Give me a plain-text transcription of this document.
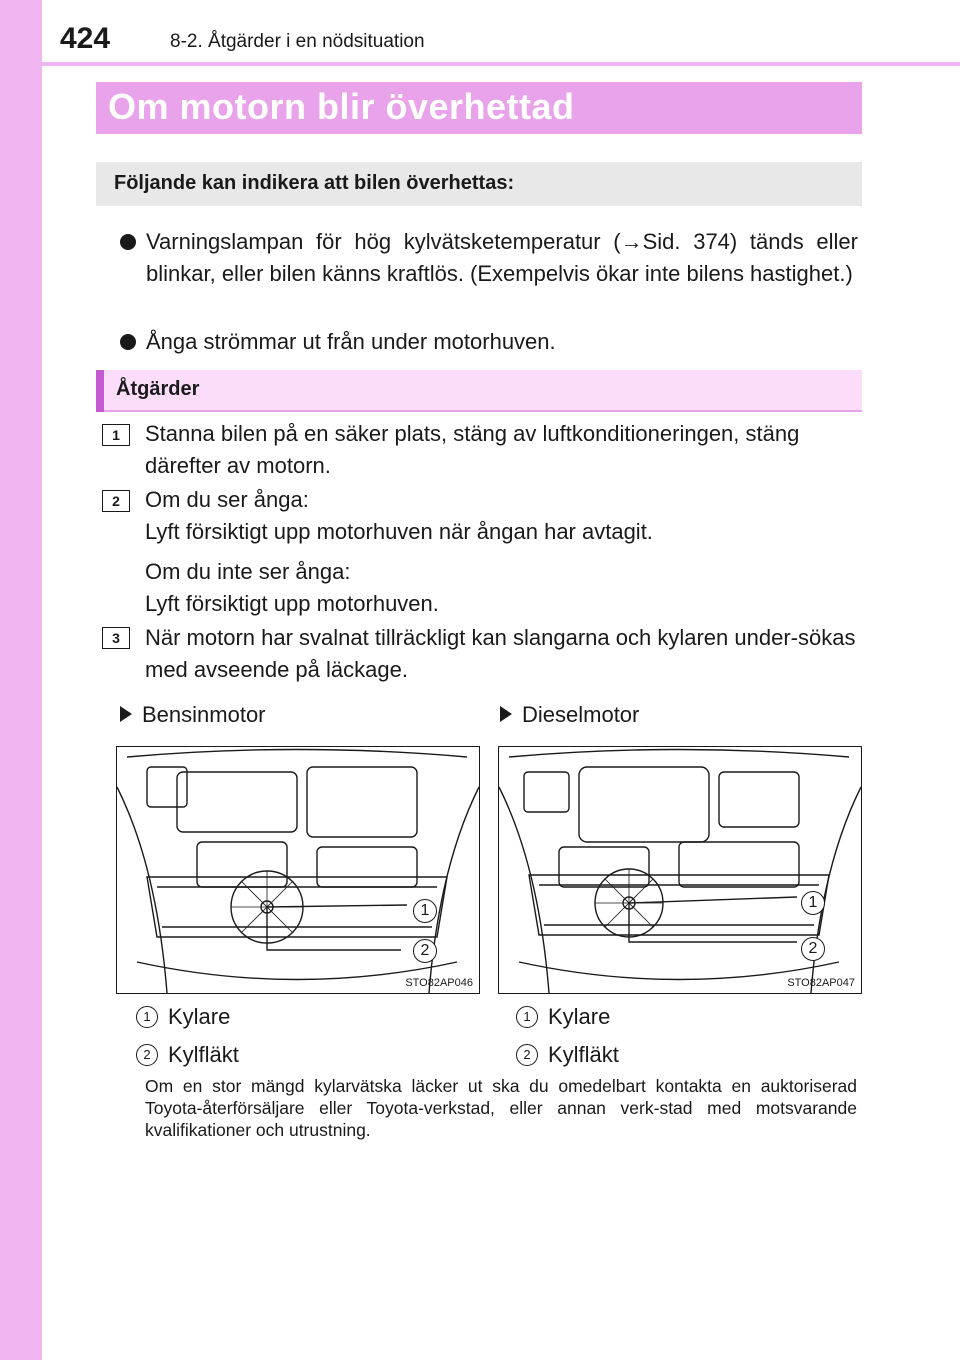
424	8-2. Åtgärder i en nödsituation
Om motorn blir överhettad
Följande kan indikera att bilen överhettas:
Varningslampan för hög kylvätsketemperatur (→Sid. 374) tänds eller blinkar, eller bilen känns kraftlös. (Exempelvis ökar inte bilens hastighet.)
Ånga strömmar ut från under motorhuven.
Åtgärder
1	Stanna bilen på en säker plats, stäng av luftkonditioneringen, stäng därefter av motorn.
2	Om du ser ånga:
Lyft försiktigt upp motorhuven när ångan har avtagit.
Om du inte ser ånga:
Lyft försiktigt upp motorhuven.
3	När motorn har svalnat tillräckligt kan slangarna och kylaren under-sökas med avseende på läckage.
Bensinmotor	Dieselmotor
1
2
STO82AP046
1
2
STO82AP047
1 Kylare
2 Kylfläkt
1 Kylare
2 Kylfläkt
Om en stor mängd kylarvätska läcker ut ska du omedelbart kontakta en auktoriserad Toyota-återförsäljare eller Toyota-verkstad, eller annan verk-stad med motsvarande kvalifikationer och utrustning.
